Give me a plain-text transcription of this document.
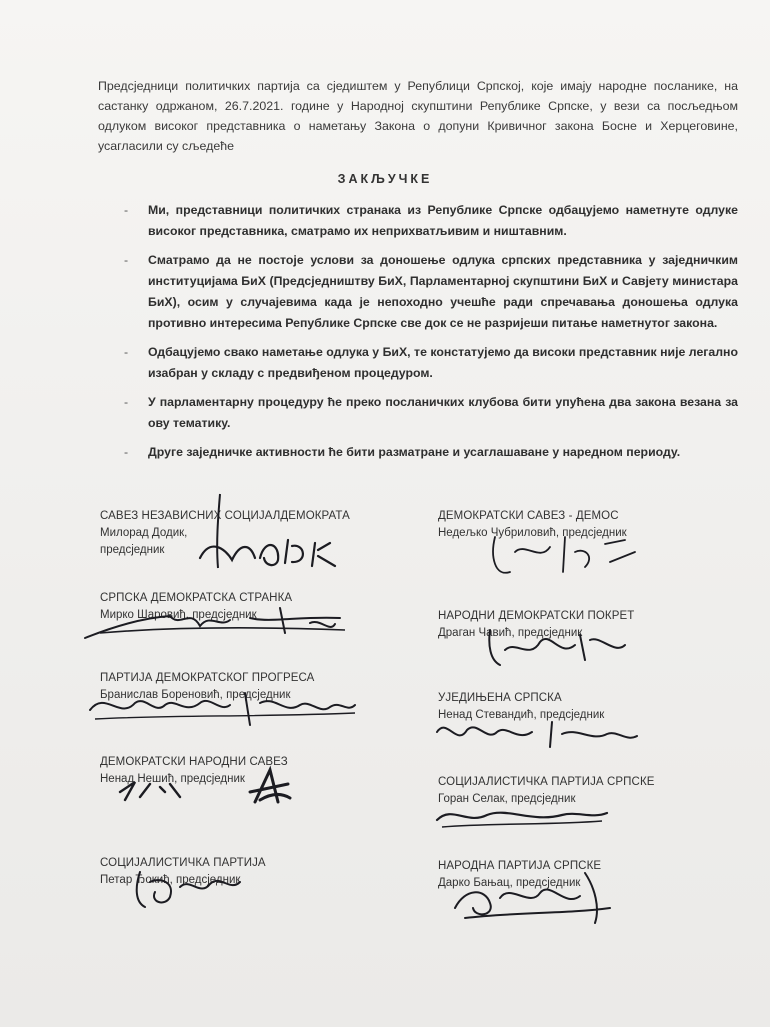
Предсједници политичких партија са сједиштем у Републици Српској, које имају народне посланике, на састанку одржаном, 26.7.2021. године у Народној скупштини Републике Српске, у вези са посљедњом одлуком високог представника о наметању Закона о допуни Кривичног закона Босне и Херцеговине, усагласили су сљедеће
ЗАКЉУЧКЕ
- Ми, представници политичких странака из Републике Српске одбацујемо наметнуте одлуке високог представника, сматрамо их неприхватљивим и ништавним.
- Сматрамо да не постоје услови за доношење одлука српских представника у заједничким институцијама БиХ (Предсједништву БиХ, Парламентарној скупштини БиХ и Савјету министара БиХ), осим у случајевима када је непоходно учешће ради спречавања доношења одлука противно интересима Републике Српске све док се не разријеши питање наметнутог закона.
- Одбацујемо свако наметање одлука у БиХ, те констатујемо да високи представник није легално изабран у складу с предвиђеном процедуром.
- У парламентарну процедуру ће преко посланичких клубова бити упућена два закона везана за ову тематику.
- Друге заједничке активности ће бити разматране и усаглашаване у наредном периоду.
САВЕЗ НЕЗАВИСНИХ СОЦИЈАЛДЕМОКРАТА
Милорад Додик,
предсједник
СРПСКА ДЕМОКРАТСКА СТРАНКА
Мирко Шаровић, предсједник
ПАРТИЈА ДЕМОКРАТСКОГ ПРОГРЕСА
Бранислав Бореновић, предсједник
ДЕМОКРАТСКИ НАРОДНИ САВЕЗ
Ненад Нешић, предсједник
СОЦИЈАЛИСТИЧКА ПАРТИЈА
Петар Ђокић, предсједник
ДЕМОКРАТСКИ САВЕЗ - ДЕМОС
Недељко Чубриловић, предсједник
НАРОДНИ ДЕМОКРАТСКИ ПОКРЕТ
Драган Чавић, предсједник
УЈЕДИЊЕНА СРПСКА
Ненад Стевандић, предсједник
СОЦИЈАЛИСТИЧКА ПАРТИЈА СРПСКЕ
Горан Селак, предсједник
НАРОДНА ПАРТИЈА СРПСКЕ
Дарко Бањац, предсједник
